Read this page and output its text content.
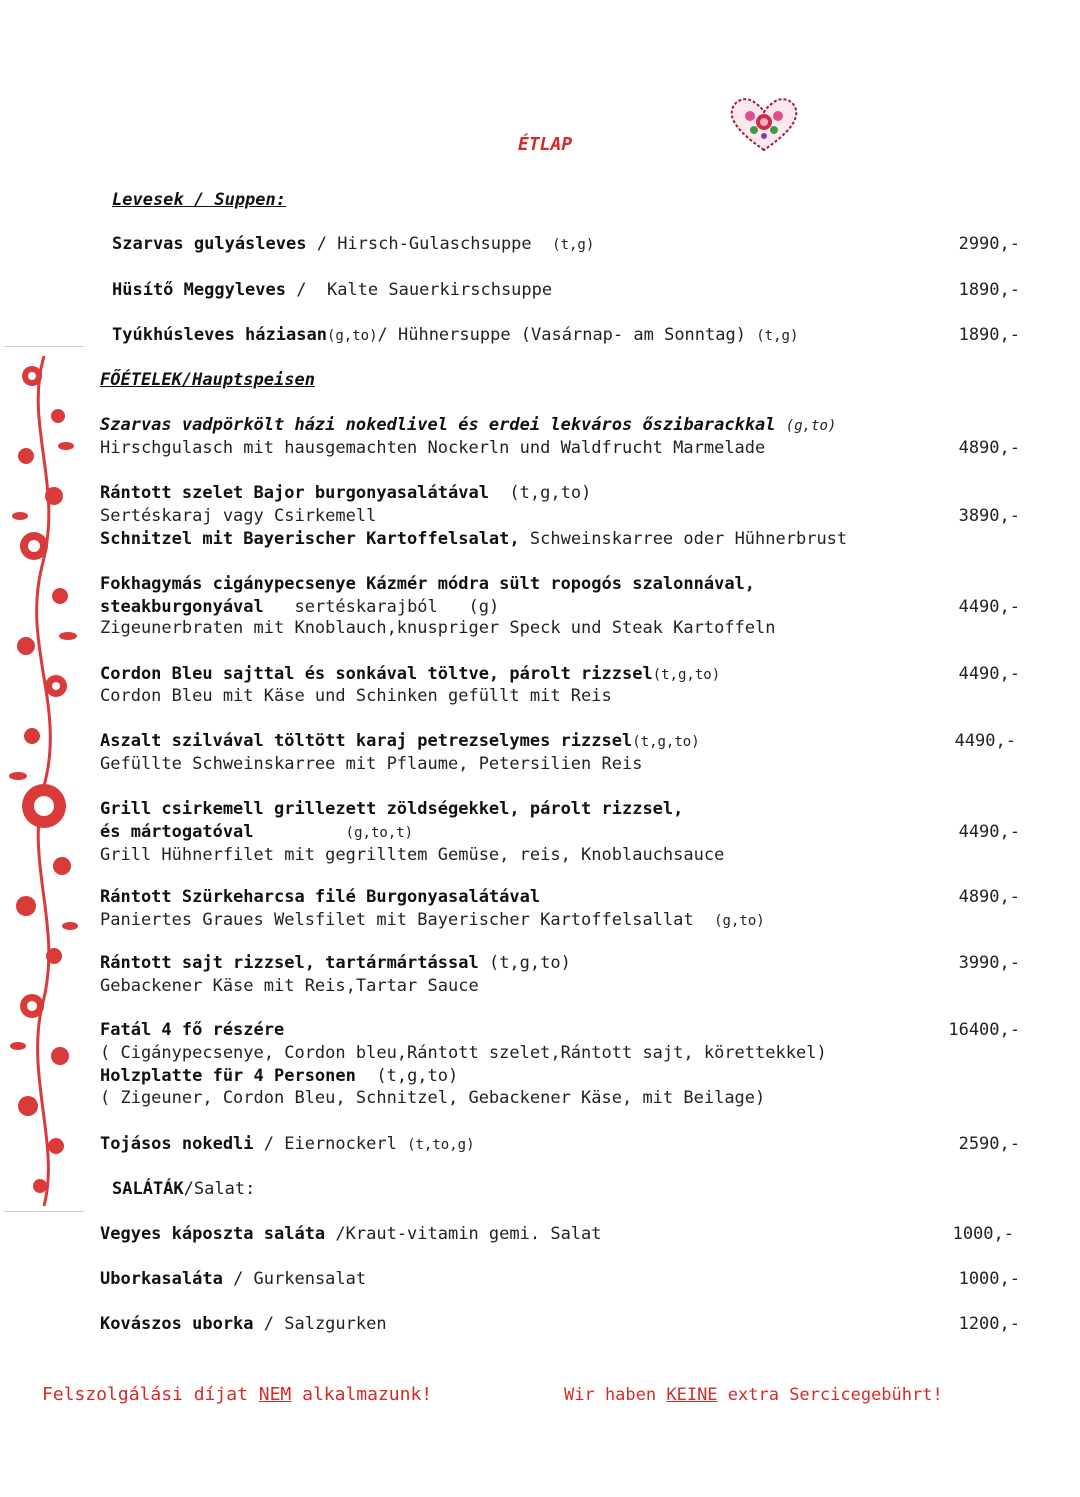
ÉTLAP
Levesek / Suppen:
Szarvas gulyásleves / Hirsch-Gulaschsuppe (t,g)	2990,-
Hüsítő Meggyleves /  Kalte Sauerkirschsuppe	1890,-
Tyúkhúsleves háziasan(g,to)/ Hühnersuppe (Vasárnap- am Sonntag) (t,g)	1890,-
FŐÉTELEK/Hauptspeisen
Szarvas vadpörkölt házi nokedlivel és erdei lekváros őszibarackkal (g,to)
Hirschgulasch mit hausgemachten Nockerln und Waldfrucht Marmelade	4890,-
Rántott szelet Bajor burgonyasalátával (t,g,to)
Sertéskaraj vagy Csirkemell	3890,-
Schnitzel mit Bayerischer Kartoffelsalat, Schweinskarree oder Hühnerbrust
Fokhagymás cigánypecsenye Kázmér módra sült ropogós szalonnával,
steakburgonyával sertéskarajból (g)	4490,-
Zigeunerbraten mit Knoblauch,knuspriger Speck und Steak Kartoffeln
Cordon Bleu sajttal és sonkával töltve, párolt rizzsel(t,g,to)	4490,-
Cordon Bleu mit Käse und Schinken gefüllt mit Reis
Aszalt szilvával töltött karaj petrezselymes rizzsel(t,g,to)	4490,-
Gefüllte Schweinskarree mit Pflaume, Petersilien Reis
Grill csirkemell grillezett zöldségekkel, párolt rizzsel,
és mártogatóval	(g,to,t)	4490,-
Grill Hühnerfilet mit gegrilltem Gemüse, reis, Knoblauchsauce
Rántott Szürkeharcsa filé Burgonyasalátával	4890,-
Paniertes Graues Welsfilet mit Bayerischer Kartoffelsallat (g,to)
Rántott sajt rizzsel, tartármártással (t,g,to)	3990,-
Gebackener Käse mit Reis,Tartar Sauce
Fatál 4 fő részére	16400,-
( Cigánypecsenye, Cordon bleu,Rántott szelet,Rántott sajt, körettekkel)
Holzplatte für 4 Personen (t,g,to)
( Zigeuner, Cordon Bleu, Schnitzel, Gebackener Käse, mit Beilage)
Tojásos nokedli / Eiernockerl (t,to,g)	2590,-
SALÁTÁK/Salat:
Vegyes káposzta saláta /Kraut-vitamin gemi. Salat	1000,-
Uborkasaláta / Gurkensalat	1000,-
Kovászos uborka / Salzgurken	1200,-
Felszolgálási díjat NEM alkalmazunk!	Wir haben KEINE extra Sercicegebührt!
